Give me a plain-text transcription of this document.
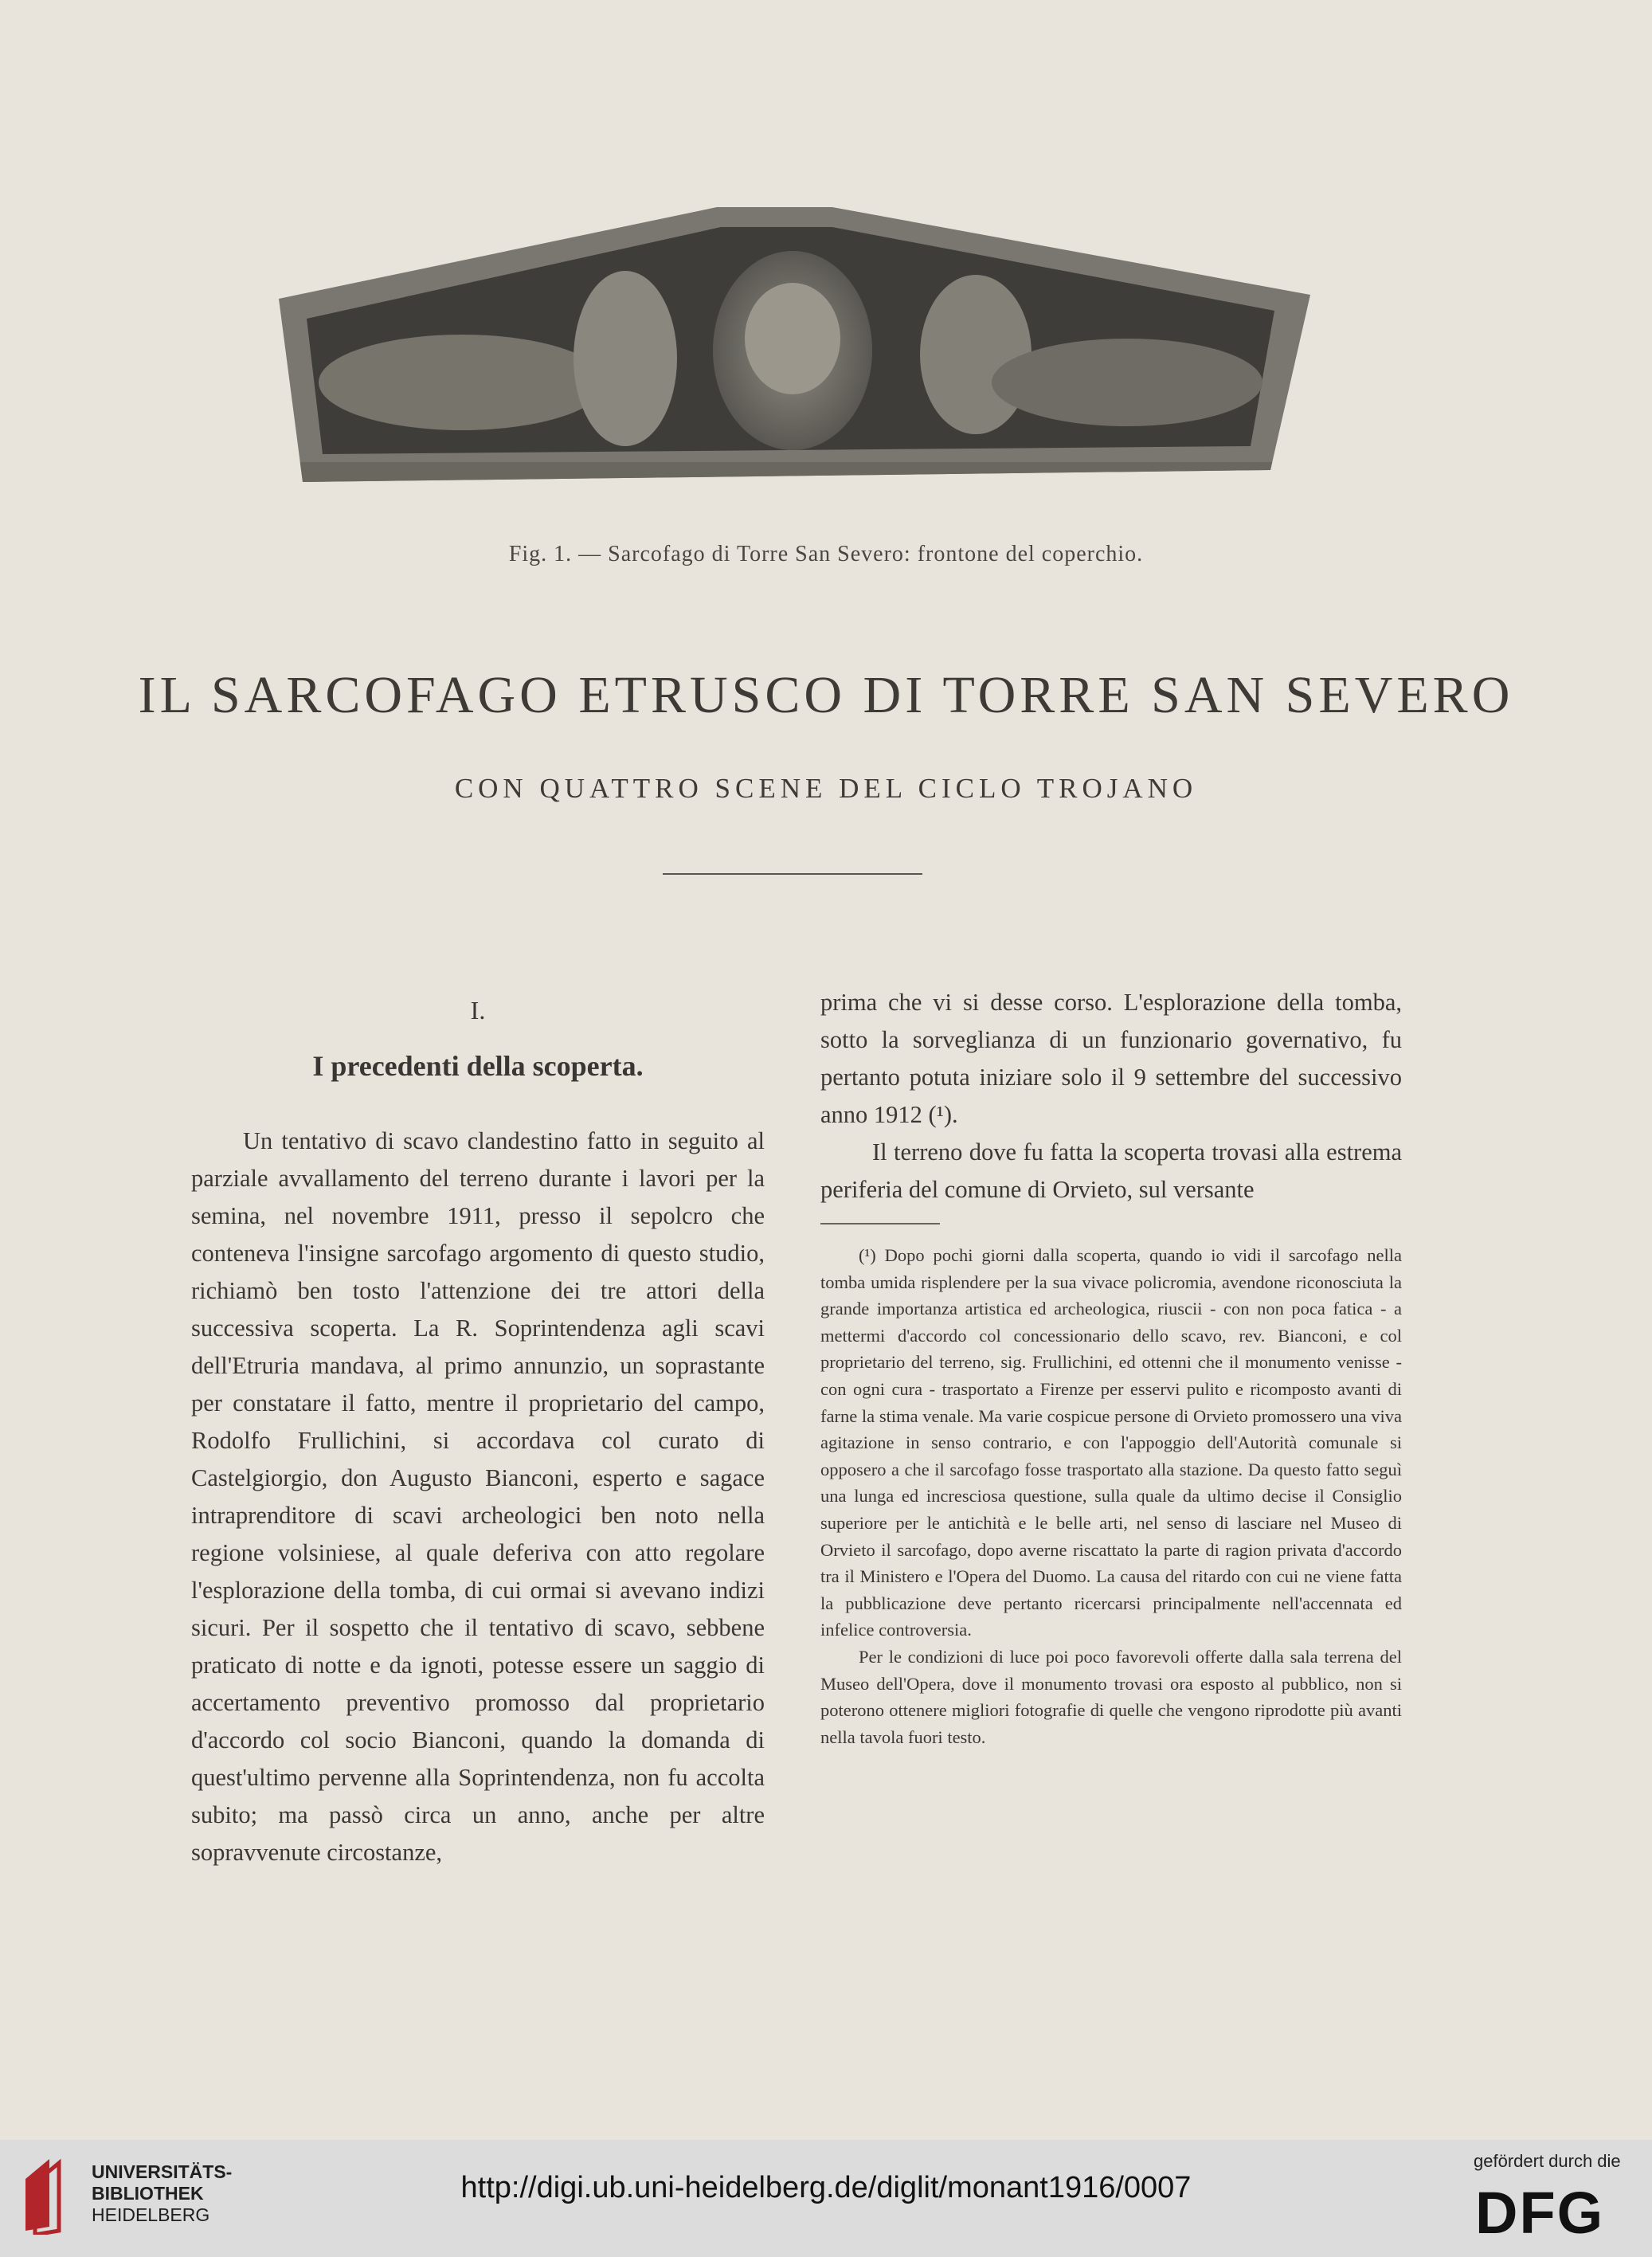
Fig. 1. — Sarcofago di Torre San Severo: frontone del coperchio.
IL SARCOFAGO ETRUSCO DI TORRE SAN SEVERO
CON QUATTRO SCENE DEL CICLO TROJANO
I.
I precedenti della scoperta.

Un tentativo di scavo clandestino fatto in seguito al parziale avvallamento del terreno durante i lavori per la semina, nel novembre 1911, presso il sepolcro che conteneva l'insigne sarcofago argomento di questo studio, richiamò ben tosto l'attenzione dei tre attori della successiva scoperta. La R. Soprintendenza agli scavi dell'Etruria mandava, al primo annunzio, un soprastante per constatare il fatto, mentre il proprietario del campo, Rodolfo Frullichini, si accordava col curato di Castelgiorgio, don Augusto Bianconi, esperto e sagace intraprenditore di scavi archeologici ben noto nella regione volsiniese, al quale deferiva con atto regolare l'esplorazione della tomba, di cui ormai si avevano indizi sicuri. Per il sospetto che il tentativo di scavo, sebbene praticato di notte e da ignoti, potesse essere un saggio di accertamento preventivo promosso dal proprietario d'accordo col socio Bianconi, quando la domanda di quest'ultimo pervenne alla Soprintendenza, non fu accolta subito; ma passò circa un anno, anche per altre sopravvenute circostanze,

prima che vi si desse corso. L'esplorazione della tomba, sotto la sorveglianza di un funzionario governativo, fu pertanto potuta iniziare solo il 9 settembre del successivo anno 1912 (¹).

Il terreno dove fu fatta la scoperta trovasi alla estrema periferia del comune di Orvieto, sul versante

(¹) Dopo pochi giorni dalla scoperta, quando io vidi il sarcofago nella tomba umida risplendere per la sua vivace policromia, avendone riconosciuta la grande importanza artistica ed archeologica, riuscii - con non poca fatica - a mettermi d'accordo col concessionario dello scavo, rev. Bianconi, e col proprietario del terreno, sig. Frullichini, ed ottenni che il monumento venisse - con ogni cura - trasportato a Firenze per esservi pulito e ricomposto avanti di farne la stima venale. Ma varie cospicue persone di Orvieto promossero una viva agitazione in senso contrario, e con l'appoggio dell'Autorità comunale si opposero a che il sarcofago fosse trasportato alla stazione. Da questo fatto seguì una lunga ed incresciosa questione, sulla quale da ultimo decise il Consiglio superiore per le antichità e le belle arti, nel senso di lasciare nel Museo di Orvieto il sarcofago, dopo averne riscattato la parte di ragion privata d'accordo tra il Ministero e l'Opera del Duomo. La causa del ritardo con cui ne viene fatta la pubblicazione deve pertanto ricercarsi principalmente nell'accennata ed infelice controversia.

Per le condizioni di luce poi poco favorevoli offerte dalla sala terrena del Museo dell'Opera, dove il monumento trovasi ora esposto al pubblico, non si poterono ottenere migliori fotografie di quelle che vengono riprodotte più avanti nella tavola fuori testo.

UNIVERSITÄTS-
BIBLIOTHEK
HEIDELBERG
http://digi.ub.uni-heidelberg.de/diglit/monant1916/0007
gefördert durch die
DFG
